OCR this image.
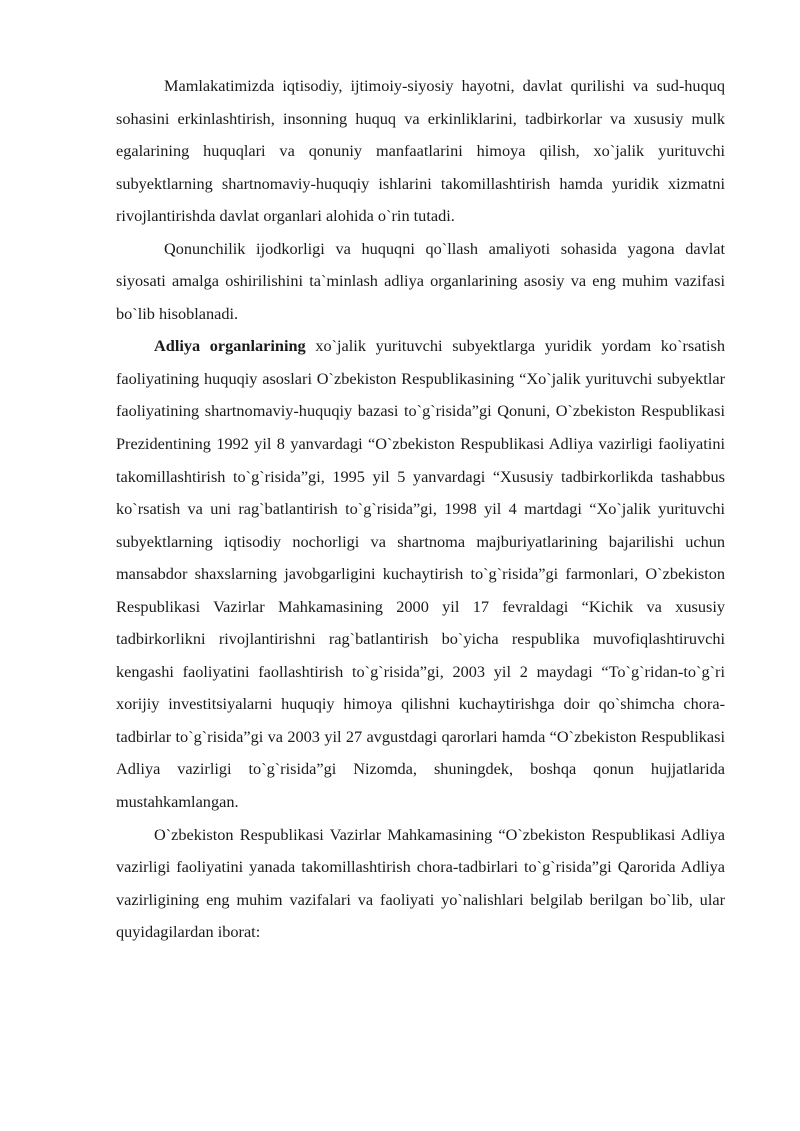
Mamlakatimizda iqtisodiy, ijtimoiy-siyosiy hayotni, davlat qurilishi va sud-huquq sohasini erkinlashtirish, insonning huquq va erkinliklarini, tadbirkorlar va xususiy mulk egalarining huquqlari va qonuniy manfaatlarini himoya qilish, xo`jalik yurituvchi subyektlarning shartnomaviy-huquqiy ishlarini takomillashtirish hamda yuridik xizmatni rivojlantirishda davlat organlari alohida o`rin tutadi.

Qonunchilik ijodkorligi va huquqni qo`llash amaliyoti sohasida yagona davlat siyosati amalga oshirilishini ta`minlash adliya organlarining asosiy va eng muhim vazifasi bo`lib hisoblanadi.

Adliya organlarining xo`jalik yurituvchi subyektlarga yuridik yordam ko`rsatish faoliyatining huquqiy asoslari O`zbekiston Respublikasining “Xo`jalik yurituvchi subyektlar faoliyatining shartnomaviy-huquqiy bazasi to`g`risida”gi Qonuni, O`zbekiston Respublikasi Prezidentining 1992 yil 8 yanvardagi “O`zbekiston Respublikasi Adliya vazirligi faoliyatini takomillashtirish to`g`risida”gi, 1995 yil 5 yanvardagi “Xususiy tadbirkorlikda tashabbus ko`rsatish va uni rag`batlantirish to`g`risida”gi, 1998 yil 4 martdagi “Xo`jalik yurituvchi subyektlarning iqtisodiy nochorligi va shartnoma majburiyatlarining bajarilishi uchun mansabdor shaxslarning javobgarligini kuchaytirish to`g`risida”gi farmonlari, O`zbekiston Respublikasi Vazirlar Mahkamasining 2000 yil 17 fevraldagi “Kichik va xususiy tadbirkorlikni rivojlantirishni rag`batlantirish bo`yicha respublika muvofiqlashtiruvchi kengashi faoliyatini faollashtirish to`g`risida”gi, 2003 yil 2 maydagi “To`g`ridan-to`g`ri xorijiy investitsiyalarni huquqiy himoya qilishni kuchaytirishga doir qo`shimcha chora-tadbirlar to`g`risida”gi va 2003 yil 27 avgustdagi qarorlari hamda “O`zbekiston Respublikasi Adliya vazirligi to`g`risida”gi Nizomda, shuningdek, boshqa qonun hujjatlarida mustahkamlangan.

O`zbekiston Respublikasi Vazirlar Mahkamasining “O`zbekiston Respublikasi Adliya vazirligi faoliyatini yanada takomillashtirish chora-tadbirlari to`g`risida”gi Qarorida Adliya vazirligining eng muhim vazifalari va faoliyati yo`nalishlari belgilab berilgan bo`lib, ular quyidagilardan iborat:
